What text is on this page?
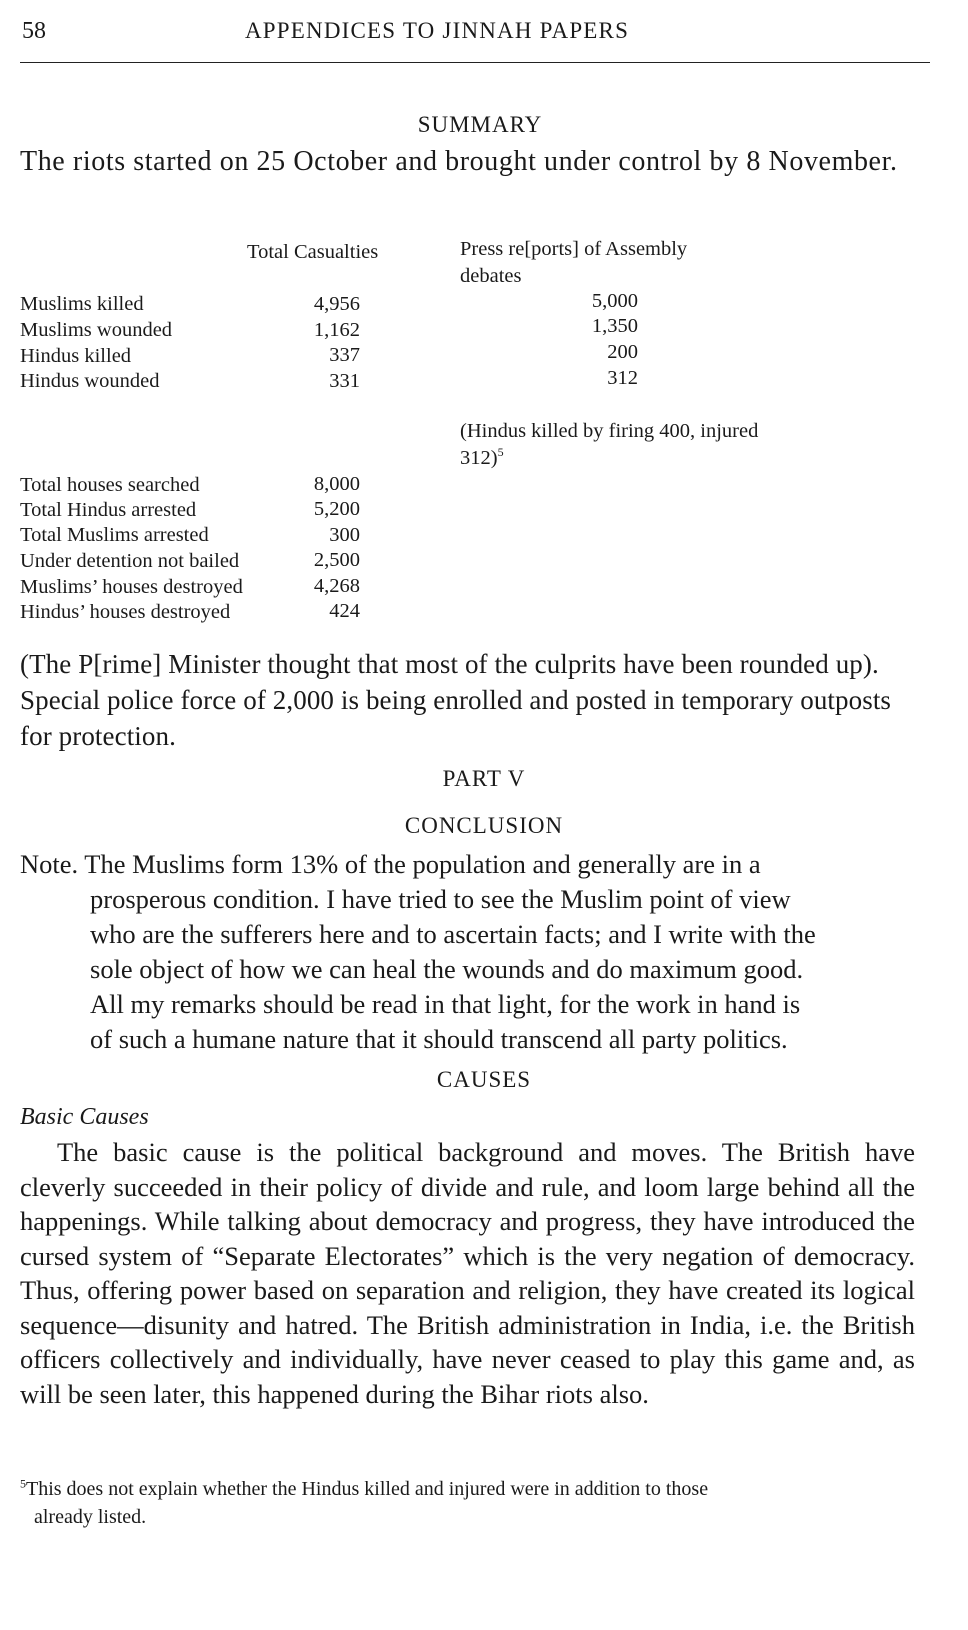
58	APPENDICES TO JINNAH PAPERS
SUMMARY
The riots started on 25 October and brought under control by 8 November.
Total Casualties	Press re[ports] of Assembly
debates
Muslims killed	4,956	5,000
Muslims wounded	1,162	1,350
Hindus killed	337	200
Hindus wounded	331	312
(Hindus killed by firing 400, injured
312)$^5$
Total houses searched	8,000
Total Hindus arrested	5,200
Total Muslims arrested	300
Under detention not bailed	2,500
Muslims’ houses destroyed	4,268
Hindus’ houses destroyed	424
(The P[rime] Minister thought that most of the culprits have been rounded up). Special police force of 2,000 is being enrolled and posted in temporary outposts for protection.
PART V
CONCLUSION
Note. The Muslims form 13% of the population and generally are in a
prosperous condition. I have tried to see the Muslim point of view
who are the sufferers here and to ascertain facts; and I write with the
sole object of how we can heal the wounds and do maximum good.
All my remarks should be read in that light, for the work in hand is
of such a humane nature that it should transcend all party politics.
CAUSES
Basic Causes
The basic cause is the political background and moves. The British have cleverly succeeded in their policy of divide and rule, and loom large behind all the happenings. While talking about democracy and progress, they have introduced the cursed system of “Separate Electorates” which is the very negation of democracy. Thus, offering power based on separation and religion, they have created its logical sequence—disunity and hatred. The British administration in India, i.e. the British officers collectively and individually, have never ceased to play this game and, as will be seen later, this happened during the Bihar riots also.
$^5$This does not explain whether the Hindus killed and injured were in addition to those
already listed.
